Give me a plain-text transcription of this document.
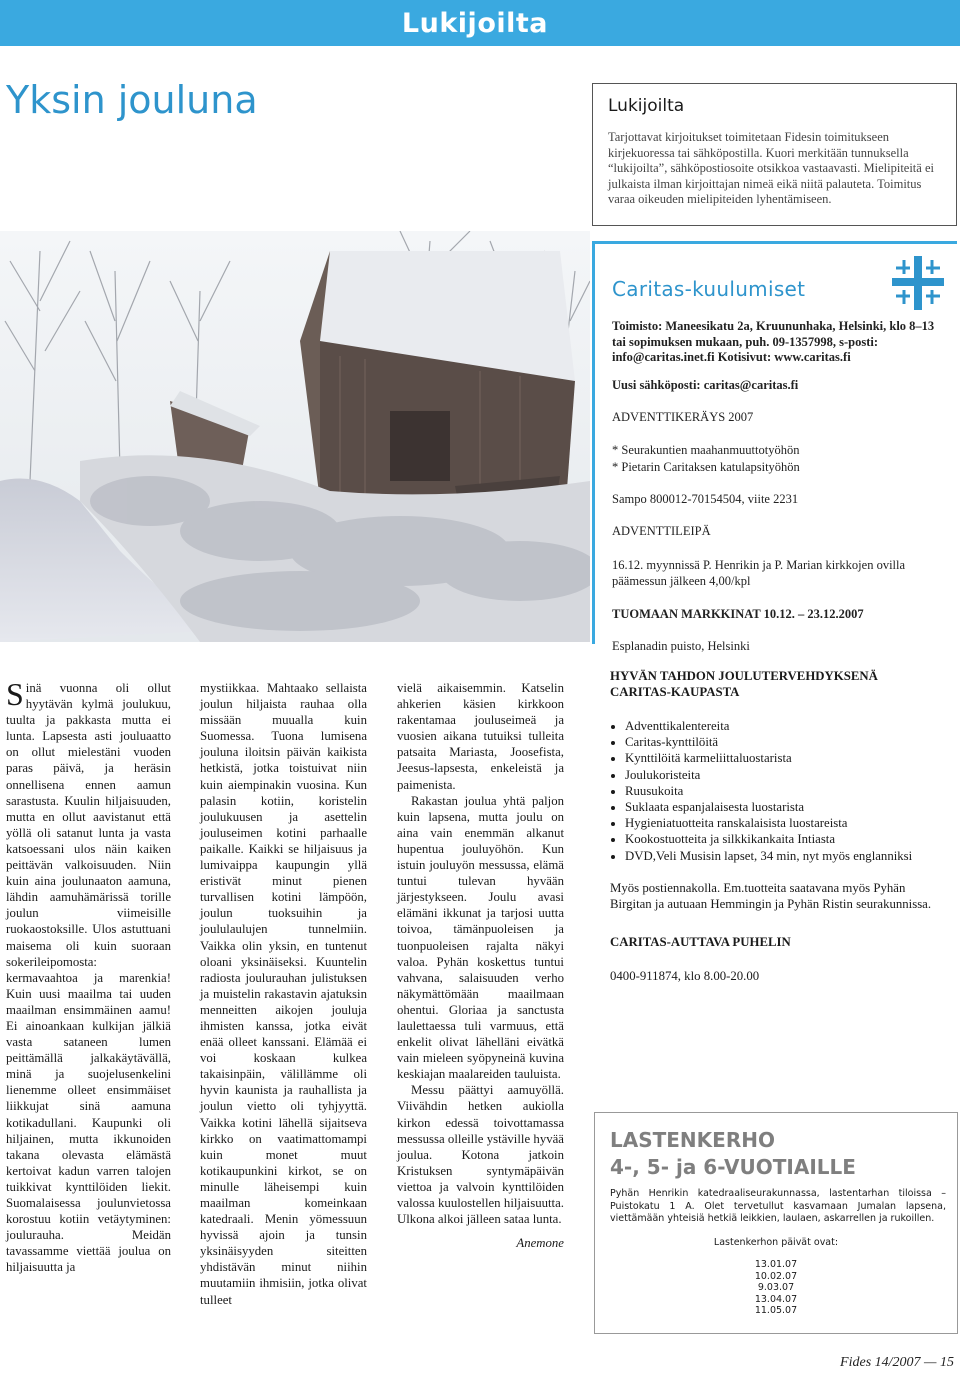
Lukijoilta
Yksin jouluna	Lukijoilta
Tarjottavat kirjoitukset toimitetaan Fidesin toimitukseen kirjekuoressa tai sähköpostilla. Kuori merkitään tunnuksella “lukijoilta”, sähköpostiosoite otsikkoa vastaavasti. Mielipiteitä ei julkaista ilman kirjoittajan nimeä eikä niitä palauteta. Toimitus varaa oikeuden mielipiteiden lyhentämiseen.
Caritas-kuulumiset
Toimisto: Maneesikatu 2a, Kruununhaka, Helsinki, klo 8–13 tai sopimuksen mukaan, puh. 09-1357998, s-posti: info@caritas.inet.fi Kotisivut: www.caritas.fi
Uusi sähköposti: caritas@caritas.fi
ADVENTTIKERÄYS 2007
* Seurakuntien maahanmuuttotyöhön
* Pietarin Caritaksen katulapsityöhön
Sampo 800012-70154504, viite 2231
ADVENTTILEIPÄ
16.12. myynnissä P. Henrikin ja P. Marian kirkkojen ovilla päämessun jälkeen 4,00/kpl
TUOMAAN MARKKINAT 10.12. – 23.12.2007
Esplanadin puisto, Helsinki

Sinä vuonna oli ollut hyytävän kylmä joulukuu, tuulta ja pakkasta mutta ei lunta. Lapsesta asti jouluaatto on ollut mielestäni vuoden paras päivä, ja heräsin onnellisena ennen aamun sarastusta. Kuulin hiljaisuuden, mutta en ollut aavistanut että yöllä oli satanut lunta ja vasta katsoessani ulos näin kaiken peittävän valkoisuuden. Niin kuin aina joulunaaton aamuna, lähdin aamuhämärissä torille joulun viimeisille ruokaostoksille. Ulos astuttuani maisema oli kuin suoraan sokerileipomosta: kermavaahtoa ja marenkia! Kuin uusi maailma tai uuden maailman ensimmäinen aamu! Ei ainoankaan kulkijan jälkiä vasta sataneen lumen peittämällä jalkakäytävällä, minä ja suojelusenkelini lienemme olleet ensimmäiset liikkujat sinä aamuna kotikadullani. Kaupunki oli hiljainen, mutta ikkunoiden takana olevasta elämästä kertoivat kadun varren talojen tuikkivat kynttilöiden liekit. Suomalaisessa joulunvietossa korostuu kotiin vetäytyminen: joulurauha. Meidän tavassamme viettää joulua on hiljaisuutta ja

mystiikkaa. Mahtaako sellaista joulun hiljaista rauhaa olla missään muualla kuin Suomessa. Tuona lumisena jouluna iloitsin päivän kaikista hetkistä, jotka toistuivat niin kuin aiempinakin vuosina. Kun palasin kotiin, koristelin joulukuusen ja asettelin jouluseimen kotini parhaalle paikalle. Kaikki se hiljaisuus ja lumivaippa kaupungin yllä eristivät minut pienen turvallisen kotini lämpöön, joulun tuoksuihin ja joululaulujen tunnelmiin. Vaikka olin yksin, en tuntenut oloani yksinäiseksi. Kuuntelin radiosta joulurauhan julistuksen ja muistelin rakastavin ajatuksin menneitten aikojen jouluja ihmisten kanssa, jotka eivät enää olleet kanssani. Elämää ei voi koskaan kulkea takaisinpäin, välillämme oli hyvin kaunista ja rauhallista ja joulun vietto oli tyhjyyttä. Vaikka kotini lähellä sijaitseva kirkko on vaatimattomampi kuin monet muut kotikaupunkini kirkot, se on minulle läheisempi kuin maailman komeinkaan katedraali. Menin yömessuun hyvissä ajoin ja tunsin yksinäisyyden siteitten yhdistävän minut niihin muutamiin ihmisiin, jotka olivat tulleet

vielä aikaisemmin. Katselin ahkerien käsien kirkkoon rakentamaa jouluseimeä ja vuosien aikana tutuiksi tulleita patsaita Mariasta, Joosefista, Jeesus-lapsesta, enkeleistä ja paimenista.

Rakastan joulua yhtä paljon kuin lapsena, mutta joulu on aina vain enemmän alkanut hupentua jouluyöhön. Kun istuin jouluyön messussa, elämä tuntui tulevan hyvään järjestykseen. Joulu avasi elämäni ikkunat ja tarjosi uutta toivoa, tämänpuoleisen ja tuonpuoleisen rajalta näkyi valoa. Pyhän koskettus tuntui vahvana, salaisuuden verho näkymättömään maailmaan ohentui. Gloriaa ja sanctusta laulettaessa tuli varmuus, että enkelit olivat lähelläni eivätkä vain mieleen syöpyneinä kuvina keskiajan maalareiden tauluista.

Messu päättyi aamuyöllä. Viivähdin hetken aukiolla kirkon edessä toivottamassa messussa olleille ystäville hyvää joulua. Kotona jatkoin Kristuksen syntymäpäivän viettoa ja valvoin kynttilöiden valossa kuulostellen hiljaisuutta. Ulkona alkoi jälleen sataa lunta.

Anemone

HYVÄN TAHDON JOULUTERVEHDYKSENÄ

CARITAS-KAUPASTA

• Adventtikalentereita
• Caritas-kynttilöitä
• Kynttilöitä karmeliittaluostarista
• Joulukoristeita
• Ruusukoita
• Suklaata espanjalaisesta luostarista
• Hygieniatuotteita ranskalaisista luostareista
• Kookostuotteita ja silkkikankaita Intiasta
• DVD,Veli Musisin lapset, 34 min, nyt myös englanniksi

Myös postiennakolla. Em.tuotteita saatavana myös Pyhän Birgitan ja autuaan Hemmingin ja Pyhän Ristin seurakunnissa.

CARITAS-AUTTAVA PUHELIN

0400-911874, klo 8.00-20.00

LASTENKERHO
4-, 5- ja 6-VUOTIAILLE
Pyhän Henrikin katedraaliseurakunnassa, lastentarhan tiloissa – Puistokatu 1 A. Olet tervetullut kasvamaan Jumalan lapsena, viettämään yhteisiä hetkiä leikkien, laulaen, askarrellen ja rukoillen.
Lastenkerhon päivät ovat:
13.01.07
10.02.07
9.03.07
13.04.07
11.05.07
Fides 14/2007 — 15
